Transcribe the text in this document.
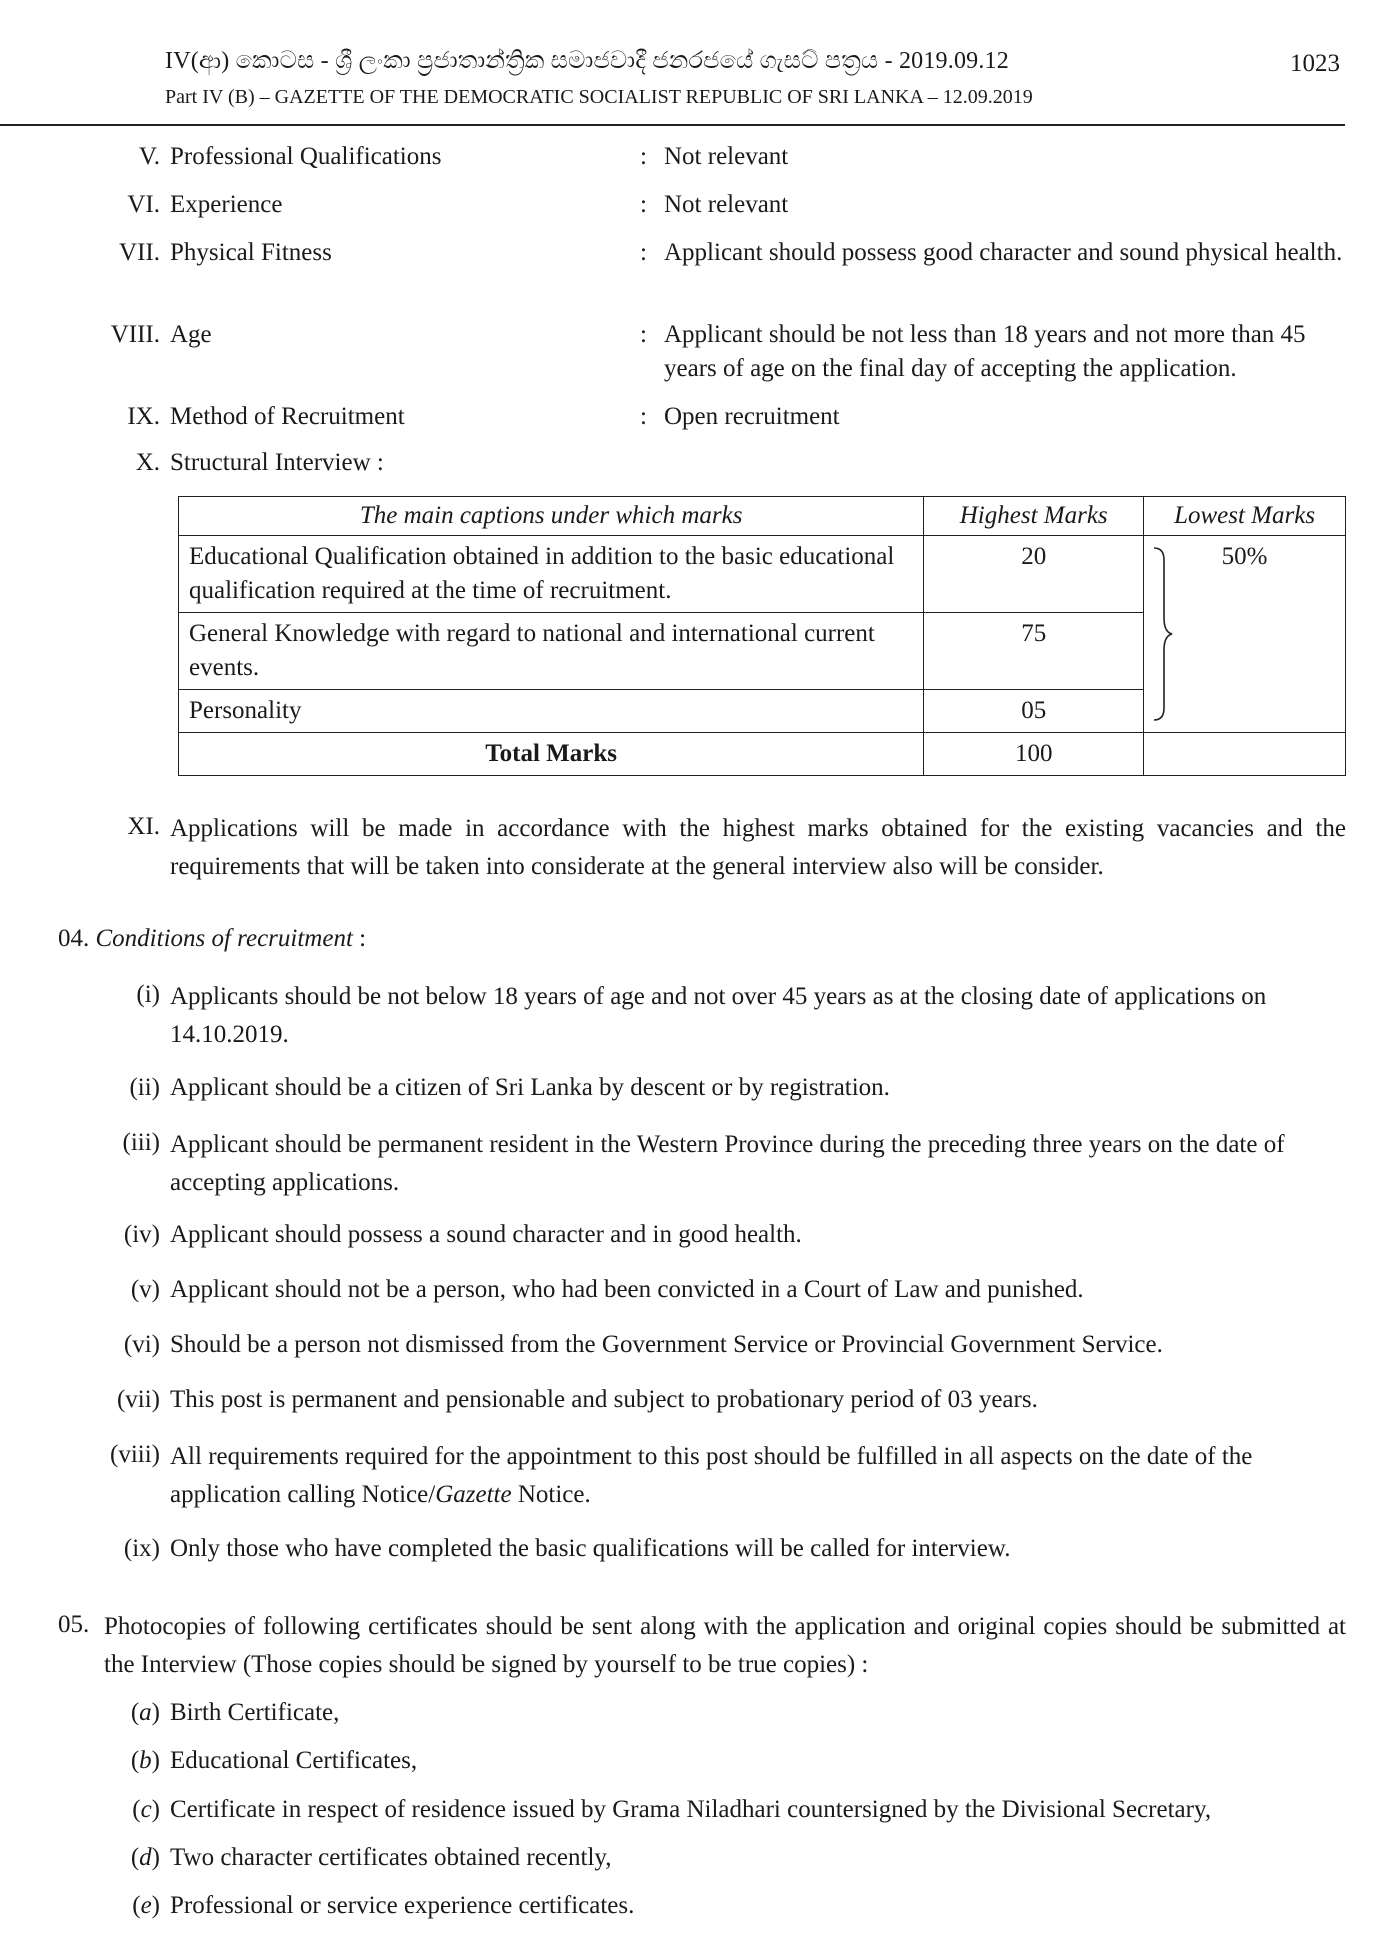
IV(ආ) කොටස - ශ්‍රී ලංකා ප්‍රජාතාන්ත්‍රික සමාජවාදී ජනරජයේ ගැසට් පත්‍රය - 2019.09.12
Part IV (B) – GAZETTE OF THE DEMOCRATIC SOCIALIST REPUBLIC OF SRI LANKA – 12.09.2019
1023
V. Professional Qualifications	: Not relevant
VI. Experience	: Not relevant
VII. Physical Fitness	: Applicant should possess good character and sound physical health.
VIII. Age	: Applicant should be not less than 18 years and not more than 45 years of age on the final day of accepting the application.
IX. Method of Recruitment	: Open recruitment
X. Structural Interview :
The main captions under which marks	Highest Marks	Lowest Marks
Educational Qualification obtained in addition to the basic educational qualification required at the time of recruitment.	20	50%
General Knowledge with regard to national and international current events.	75	
Personality	05	
Total Marks	100	
XI. Applications will be made in accordance with the highest marks obtained for the existing vacancies and the requirements that will be taken into considerate at the general interview also will be consider.
04. Conditions of recruitment :
(i) Applicants should be not below 18 years of age and not over 45 years as at the closing date of applications on 14.10.2019.
(ii) Applicant should be a citizen of Sri Lanka by descent or by registration.
(iii) Applicant should be permanent resident in the Western Province during the preceding three years on the date of accepting applications.
(iv) Applicant should possess a sound character and in good health.
(v) Applicant should not be a person, who had been convicted in a Court of Law and punished.
(vi) Should be a person not dismissed from the Government Service or Provincial Government Service.
(vii) This post is permanent and pensionable and subject to probationary period of 03 years.
(viii) All requirements required for the appointment to this post should be fulfilled in all aspects on the date of the application calling Notice/Gazette Notice.
(ix) Only those who have completed the basic qualifications will be called for interview.
05. Photocopies of following certificates should be sent along with the application and original copies should be submitted at the Interview (Those copies should be signed by yourself to be true copies) :
(a) Birth Certificate,
(b) Educational Certificates,
(c) Certificate in respect of residence issued by Grama Niladhari countersigned by the Divisional Secretary,
(d) Two character certificates obtained recently,
(e) Professional or service experience certificates.
